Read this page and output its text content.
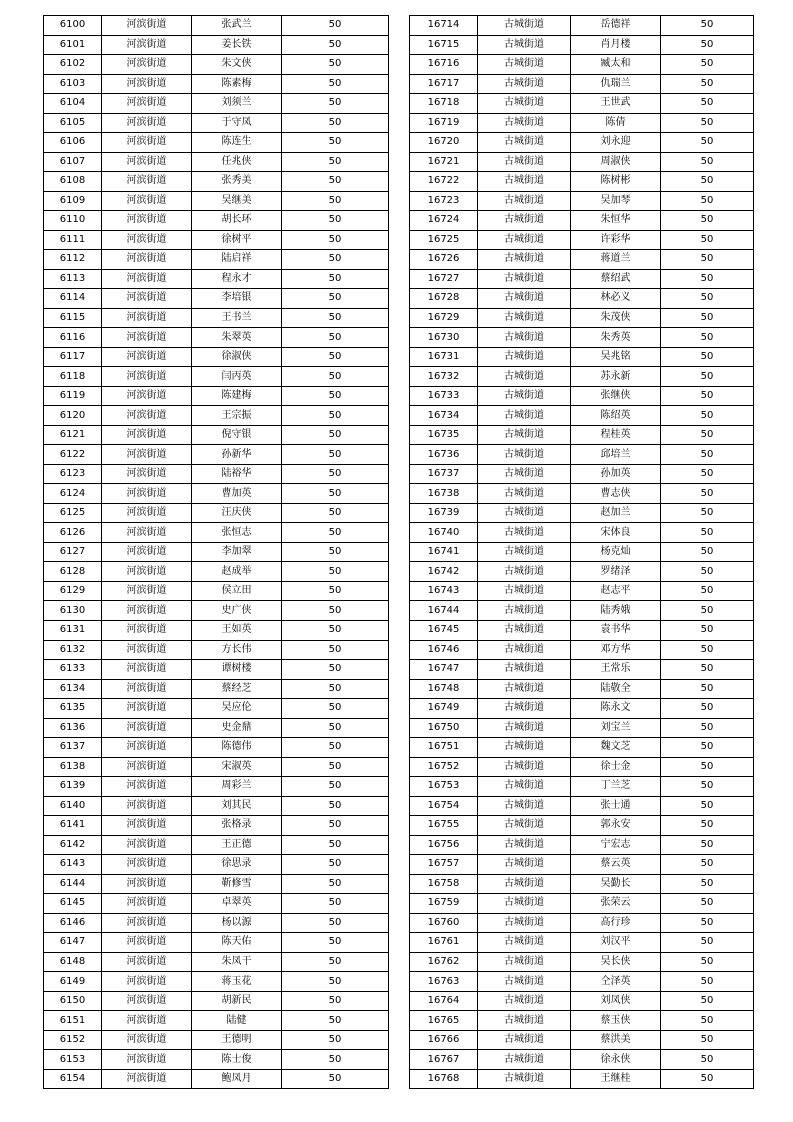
6100	河滨街道	张武兰	50
6101	河滨街道	姜长铁	50
6102	河滨街道	朱文侠	50
6103	河滨街道	陈素梅	50
6104	河滨街道	刘须兰	50
6105	河滨街道	于守凤	50
6106	河滨街道	陈连生	50
6107	河滨街道	任兆侠	50
6108	河滨街道	张秀美	50
6109	河滨街道	吴继美	50
6110	河滨街道	胡长环	50
6111	河滨街道	徐树平	50
6112	河滨街道	陆启祥	50
6113	河滨街道	程永才	50
6114	河滨街道	李培银	50
6115	河滨街道	王书兰	50
6116	河滨街道	朱翠英	50
6117	河滨街道	徐淑侠	50
6118	河滨街道	闫丙英	50
6119	河滨街道	陈建梅	50
6120	河滨街道	王宗振	50
6121	河滨街道	倪守银	50
6122	河滨街道	孙新华	50
6123	河滨街道	陆裕华	50
6124	河滨街道	曹加英	50
6125	河滨街道	汪庆侠	50
6126	河滨街道	张恒志	50
6127	河滨街道	李加翠	50
6128	河滨街道	赵成举	50
6129	河滨街道	侯立田	50
6130	河滨街道	史广侠	50
6131	河滨街道	王如英	50
6132	河滨街道	方长伟	50
6133	河滨街道	谭树楼	50
6134	河滨街道	蔡经芝	50
6135	河滨街道	吴应伦	50
6136	河滨街道	史金鼎	50
6137	河滨街道	陈德伟	50
6138	河滨街道	宋淑英	50
6139	河滨街道	周彩兰	50
6140	河滨街道	刘其民	50
6141	河滨街道	张格录	50
6142	河滨街道	王正德	50
6143	河滨街道	徐思录	50
6144	河滨街道	靳修雪	50
6145	河滨街道	卓翠英	50
6146	河滨街道	杨以源	50
6147	河滨街道	陈天佑	50
6148	河滨街道	朱凤干	50
6149	河滨街道	蒋玉花	50
6150	河滨街道	胡新民	50
6151	河滨街道	陆健	50
6152	河滨街道	王德明	50
6153	河滨街道	陈士俊	50
6154	河滨街道	鲍凤月	50
16714	古城街道	岳德祥	50
16715	古城街道	肖月楼	50
16716	古城街道	臧太和	50
16717	古城街道	仇瑞兰	50
16718	古城街道	王世武	50
16719	古城街道	陈倩	50
16720	古城街道	刘永迎	50
16721	古城街道	周淑侠	50
16722	古城街道	陈树彬	50
16723	古城街道	吴加琴	50
16724	古城街道	朱恒华	50
16725	古城街道	许彩华	50
16726	古城街道	蒋道兰	50
16727	古城街道	蔡绍武	50
16728	古城街道	林必义	50
16729	古城街道	朱茂侠	50
16730	古城街道	朱秀英	50
16731	古城街道	吴兆铭	50
16732	古城街道	苏永新	50
16733	古城街道	张继侠	50
16734	古城街道	陈绍英	50
16735	古城街道	程桂英	50
16736	古城街道	邱培兰	50
16737	古城街道	孙加英	50
16738	古城街道	曹志侠	50
16739	古城街道	赵加兰	50
16740	古城街道	宋体良	50
16741	古城街道	杨克灿	50
16742	古城街道	罗绪泽	50
16743	古城街道	赵志平	50
16744	古城街道	陆秀娥	50
16745	古城街道	袁书华	50
16746	古城街道	邓方华	50
16747	古城街道	王常乐	50
16748	古城街道	陆敬全	50
16749	古城街道	陈永文	50
16750	古城街道	刘宝兰	50
16751	古城街道	魏文芝	50
16752	古城街道	徐士金	50
16753	古城街道	丁兰芝	50
16754	古城街道	张士通	50
16755	古城街道	郭永安	50
16756	古城街道	宁宏志	50
16757	古城街道	蔡云英	50
16758	古城街道	吴勤长	50
16759	古城街道	张荣云	50
16760	古城街道	高行珍	50
16761	古城街道	刘汉平	50
16762	古城街道	吴长侠	50
16763	古城街道	仝泽英	50
16764	古城街道	刘凤侠	50
16765	古城街道	蔡玉侠	50
16766	古城街道	蔡洪美	50
16767	古城街道	徐永侠	50
16768	古城街道	王继桂	50
